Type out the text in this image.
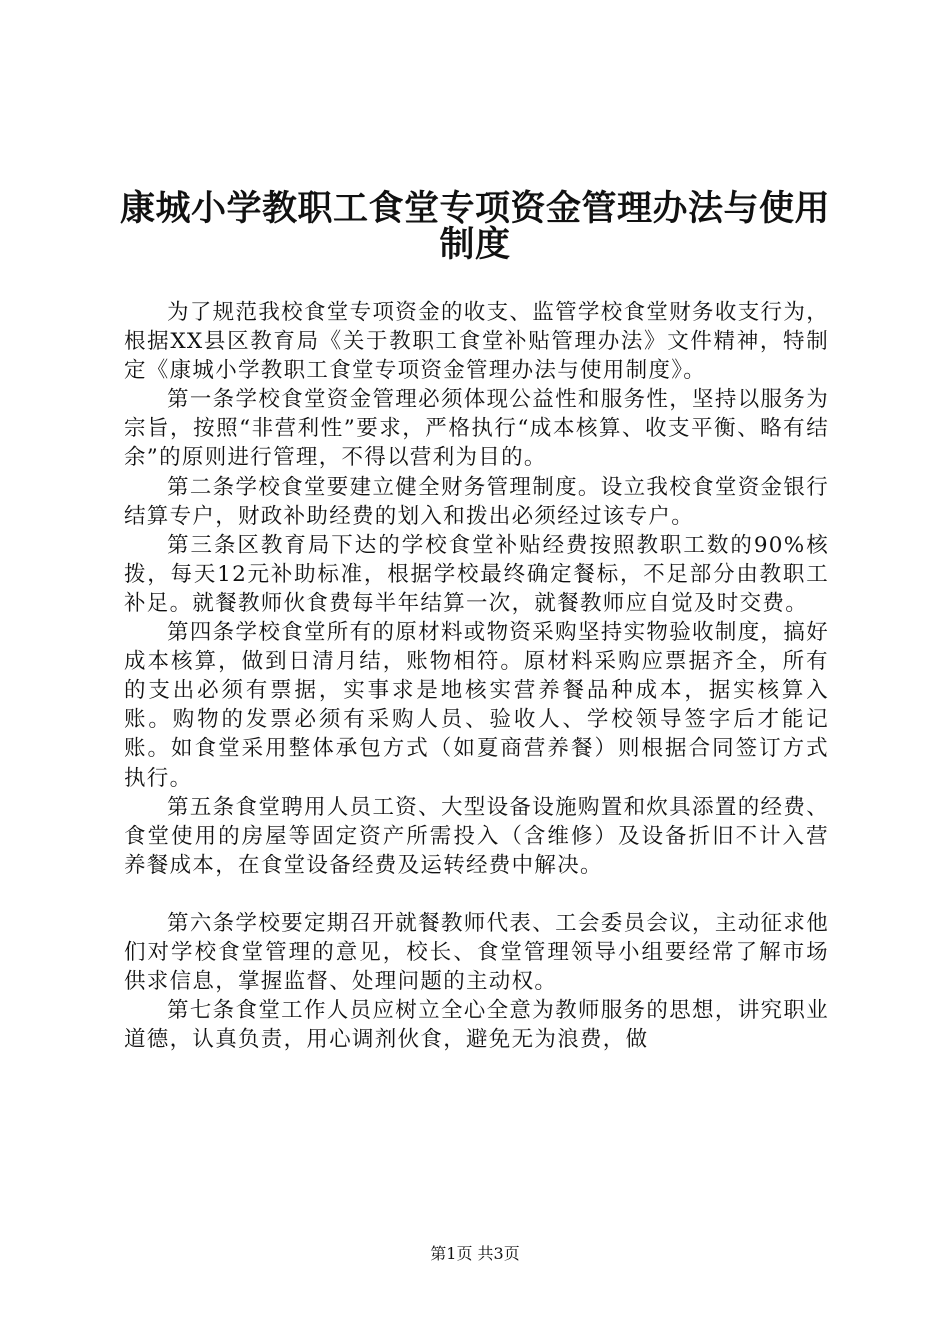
康城小学教职工食堂专项资金管理办法与使用
制度

为了规范我校食堂专项资金的收支、监管学校食堂财务收支行为，根据XX县区教育局《关于教职工食堂补贴管理办法》文件精神，特制定《康城小学教职工食堂专项资金管理办法与使用制度》。

第一条学校食堂资金管理必须体现公益性和服务性，坚持以服务为宗旨，按照“非营利性”要求，严格执行“成本核算、收支平衡、略有结余”的原则进行管理，不得以营利为目的。

第二条学校食堂要建立健全财务管理制度。设立我校食堂资金银行结算专户，财政补助经费的划入和拨出必须经过该专户。

第三条区教育局下达的学校食堂补贴经费按照教职工数的90%核拨，每天12元补助标准，根据学校最终确定餐标，不足部分由教职工补足。就餐教师伙食费每半年结算一次，就餐教师应自觉及时交费。

第四条学校食堂所有的原材料或物资采购坚持实物验收制度，搞好成本核算，做到日清月结，账物相符。原材料采购应票据齐全，所有的支出必须有票据，实事求是地核实营养餐品种成本，据实核算入账。购物的发票必须有采购人员、验收人、学校领导签字后才能记账。如食堂采用整体承包方式（如夏商营养餐）则根据合同签订方式执行。

第五条食堂聘用人员工资、大型设备设施购置和炊具添置的经费、食堂使用的房屋等固定资产所需投入（含维修）及设备折旧不计入营养餐成本，在食堂设备经费及运转经费中解决。

第六条学校要定期召开就餐教师代表、工会委员会议，主动征求他们对学校食堂管理的意见，校长、食堂管理领导小组要经常了解市场供求信息，掌握监督、处理问题的主动权。

第七条食堂工作人员应树立全心全意为教师服务的思想，讲究职业道德，认真负责，用心调剂伙食，避免无为浪费，做

第1页 共3页
